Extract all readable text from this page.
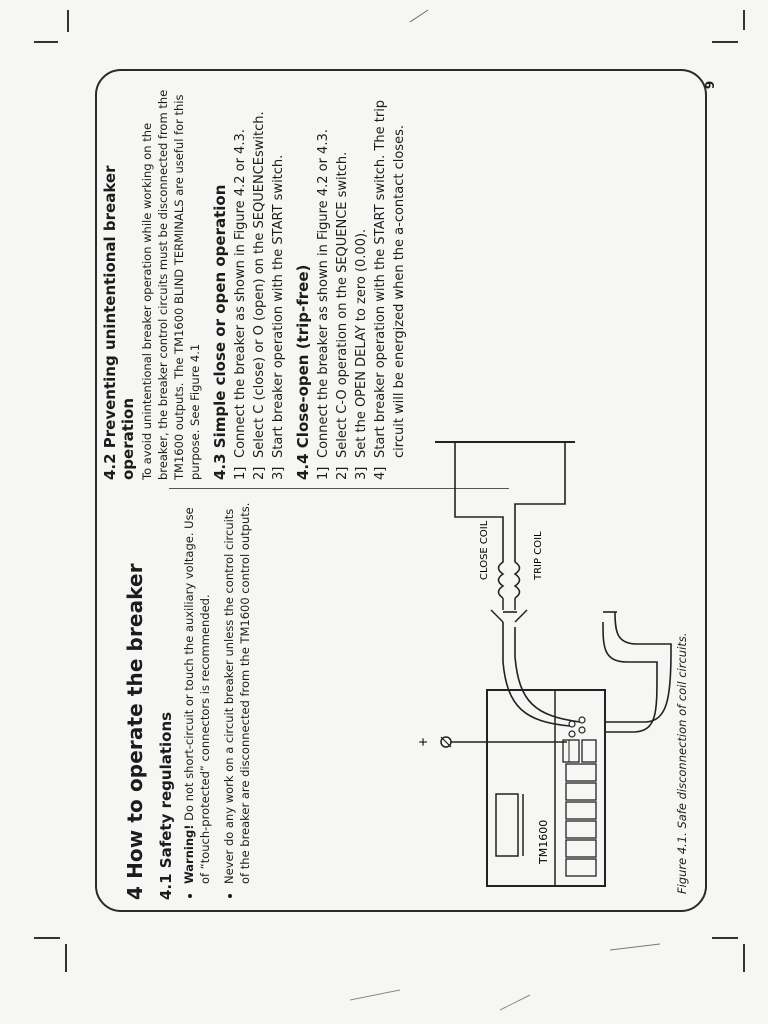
9
4 How to operate the breaker 4.1 Safety regulations • Warning! Do not short-circuit or touch the auxiliary voltage. Use of “touch-protected” connectors is recommended. • Never do any work on a circuit breaker unless the control circuits of the breaker are disconnected from the TM1600 control outputs.
4.2 Preventing unintentional breaker operation To avoid unintentional breaker operation while working on the breaker, the breaker control circuits must be disconnected from the TM1600 outputs. The TM1600 BLIND TERMINALS are useful for this purpose. See Figure 4.1 4.3 Simple close or open operation 1]
Connect the breaker as shown in Figure 4.2 or 4.3.
2]
Select C (close) or O (open) on the SEQUENCEswitch.
3]
Start breaker operation with the START switch. 4.4 Close-open (trip-free) 1]
Connect the breaker as shown in Figure 4.2 or 4.3.
2]
Select C-O operation on the SEQUENCE switch.
3]
Set the OPEN DELAY to zero (0.00).
4]
Start breaker operation with the START switch. The trip circuit will be energized when the a-contact closes.
TM1600
+
CLOSE COIL	TRIP COIL
Figure 4.1. Safe disconnection of coil circuits.
